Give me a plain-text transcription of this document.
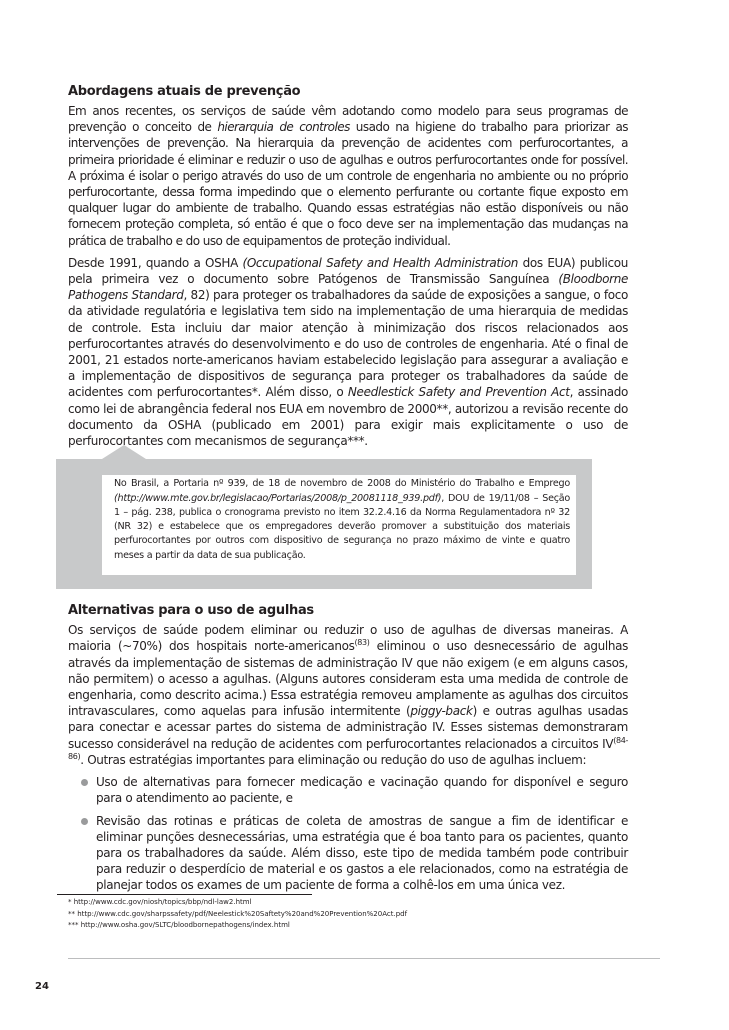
Abordagens atuais de prevenção

Em anos recentes, os serviços de saúde vêm adotando como modelo para seus programas de prevenção o conceito de hierarquia de controles usado na higiene do trabalho para priorizar as intervenções de prevenção. Na hierarquia da prevenção de acidentes com perfurocortantes, a primeira prioridade é eliminar e reduzir o uso de agulhas e outros perfurocortantes onde for possível. A próxima é isolar o perigo através do uso de um controle de engenharia no ambiente ou no próprio perfurocortante, dessa forma impedindo que o elemento perfurante ou cortante fique exposto em qualquer lugar do ambiente de trabalho. Quando essas estratégias não estão disponíveis ou não fornecem proteção completa, só então é que o foco deve ser na implementação das mudanças na prática de trabalho e do uso de equipamentos de proteção individual.

Desde 1991, quando a OSHA (Occupational Safety and Health Administration dos EUA) publicou pela primeira vez o documento sobre Patógenos de Transmissão Sanguínea (Bloodborne Pathogens Standard, 82) para proteger os trabalhadores da saúde de exposições a sangue, o foco da atividade regulatória e legislativa tem sido na implementação de uma hierarquia de medidas de controle. Esta incluiu dar maior atenção à minimização dos riscos relacionados aos perfurocortantes através do desenvolvimento e do uso de controles de engenharia. Até o final de 2001, 21 estados norte-americanos haviam estabelecido legislação para assegurar a avaliação e a implementação de dispositivos de segurança para proteger os trabalhadores da saúde de acidentes com perfurocortantes*. Além disso, o Needlestick Safety and Prevention Act, assinado como lei de abrangência federal nos EUA em novembro de 2000**, autorizou a revisão recente do documento da OSHA (publicado em 2001) para exigir mais explicitamente o uso de perfurocortantes com mecanismos de segurança***.

No Brasil, a Portaria nº 939, de 18 de novembro de 2008 do Ministério do Trabalho e Emprego (http://www.mte.gov.br/legislacao/Portarias/2008/p_20081118_939.pdf), DOU de 19/11/08 – Seção 1 – pág. 238, publica o cronograma previsto no item 32.2.4.16 da Norma Regulamentadora nº 32 (NR 32) e estabelece que os empregadores deverão promover a substituição dos materiais perfurocortantes por outros com dispositivo de segurança no prazo máximo de vinte e quatro meses a partir da data de sua publicação.
Alternativas para o uso de agulhas

Os serviços de saúde podem eliminar ou reduzir o uso de agulhas de diversas maneiras. A maioria (~70%) dos hospitais norte-americanos$^{(83)}$ eliminou o uso desnecessário de agulhas através da implementação de sistemas de administração IV que não exigem (e em alguns casos, não permitem) o acesso a agulhas. (Alguns autores consideram esta uma medida de controle de engenharia, como descrito acima.) Essa estratégia removeu amplamente as agulhas dos circuitos intravasculares, como aquelas para infusão intermitente (piggy-back) e outras agulhas usadas para conectar e acessar partes do sistema de administração IV. Esses sistemas demonstraram sucesso considerável na redução de acidentes com perfurocortantes relacionados a circuitos IV$^{(84-86)}$. Outras estratégias importantes para eliminação ou redução do uso de agulhas incluem:

Uso de alternativas para fornecer medicação e vacinação quando for disponível e seguro para o atendimento ao paciente, e
Revisão das rotinas e práticas de coleta de amostras de sangue a fim de identificar e eliminar punções desnecessárias, uma estratégia que é boa tanto para os pacientes, quanto para os trabalhadores da saúde. Além disso, este tipo de medida também pode contribuir para reduzir o desperdício de material e os gastos a ele relacionados, como na estratégia de planejar todos os exames de um paciente de forma a colhê-los em uma única vez.
* http://www.cdc.gov/niosh/topics/bbp/ndl-law2.html
** http://www.cdc.gov/sharpssafety/pdf/Neelestick%20Saftety%20and%20Prevention%20Act.pdf
*** http://www.osha.gov/SLTC/bloodbornepathogens/index.html
24
